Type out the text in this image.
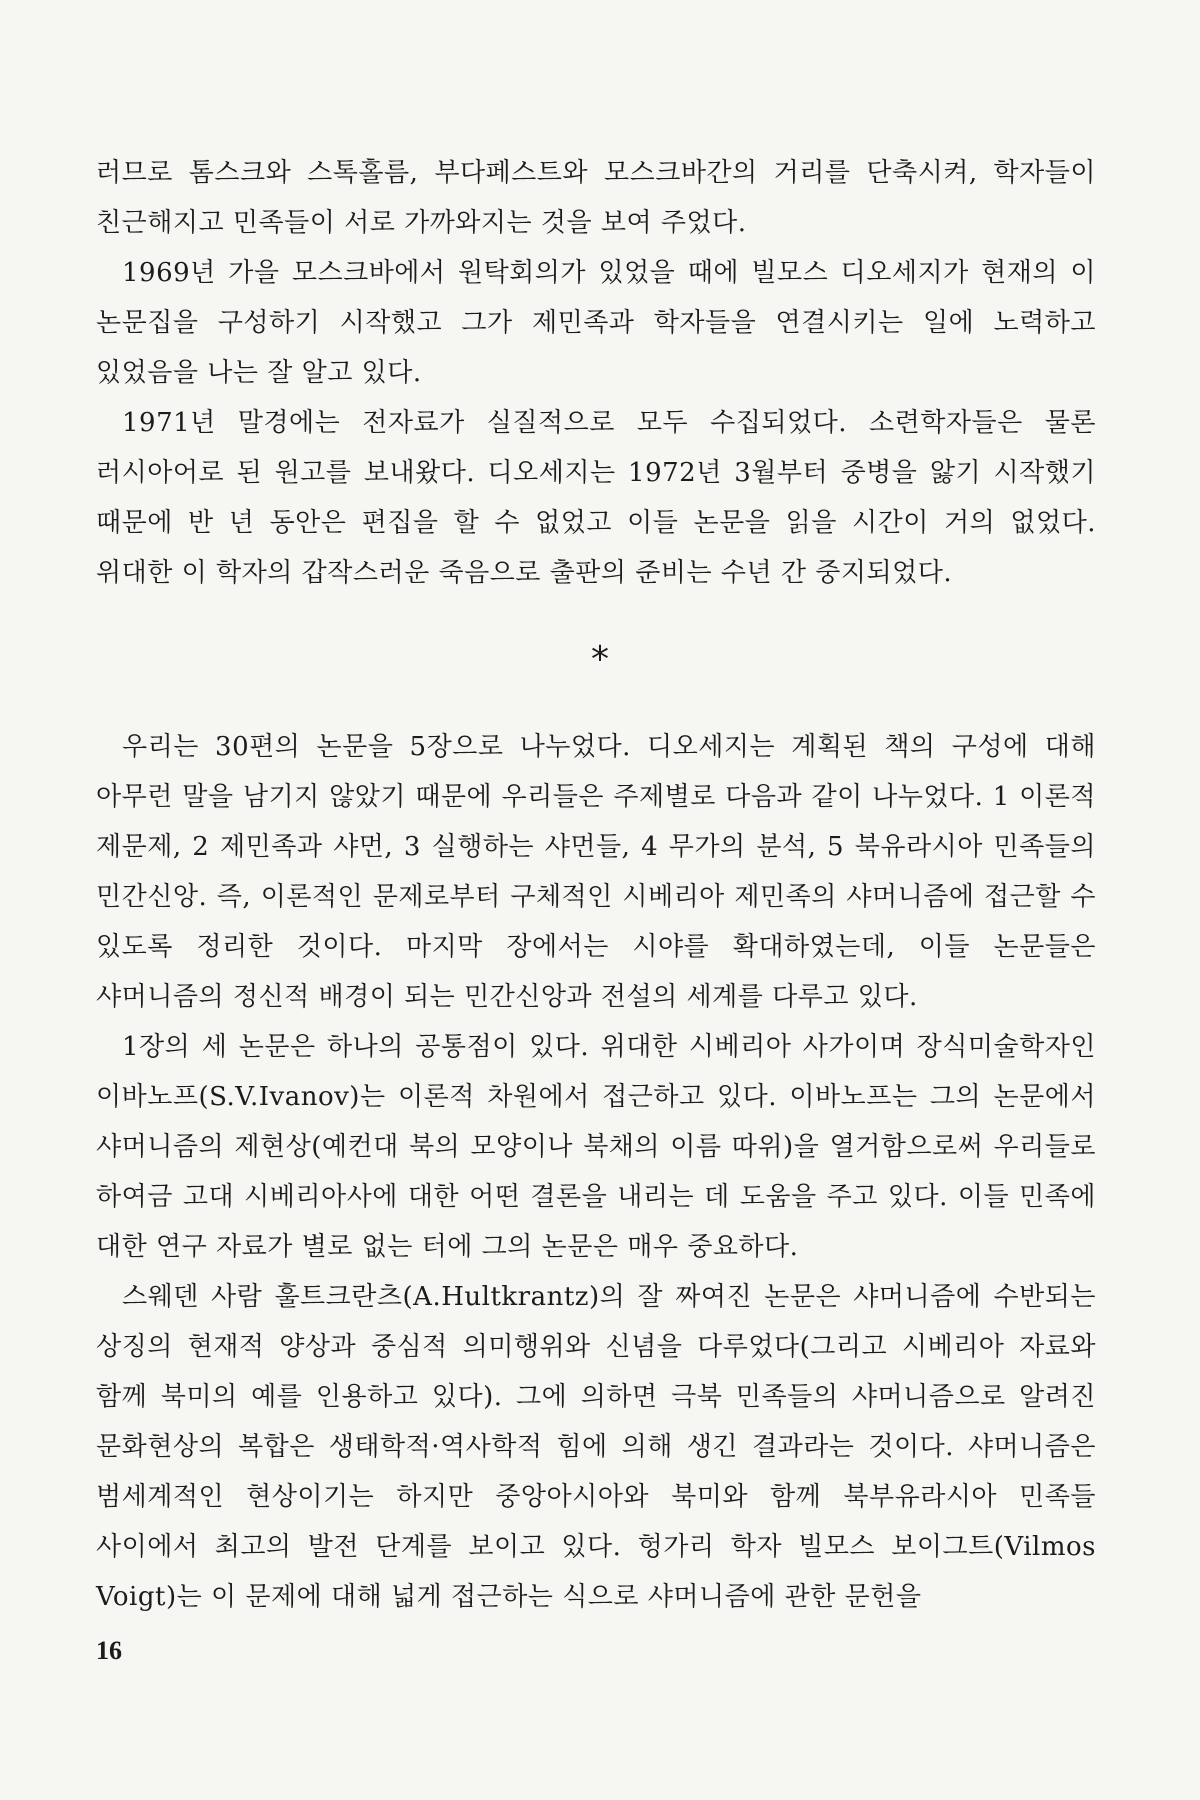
러므로 톰스크와 스톡홀름, 부다페스트와 모스크바간의 거리를 단축시켜, 학자들이 친근해지고 민족들이 서로 가까와지는 것을 보여 주었다.

1969년 가을 모스크바에서 원탁회의가 있었을 때에 빌모스 디오세지가 현재의 이 논문집을 구성하기 시작했고 그가 제민족과 학자들을 연결시키는 일에 노력하고 있었음을 나는 잘 알고 있다.

1971년 말경에는 전자료가 실질적으로 모두 수집되었다. 소련학자들은 물론 러시아어로 된 원고를 보내왔다. 디오세지는 1972년 3월부터 중병을 앓기 시작했기 때문에 반 년 동안은 편집을 할 수 없었고 이들 논문을 읽을 시간이 거의 없었다. 위대한 이 학자의 갑작스러운 죽음으로 출판의 준비는 수년 간 중지되었다.

*

우리는 30편의 논문을 5장으로 나누었다. 디오세지는 계획된 책의 구성에 대해 아무런 말을 남기지 않았기 때문에 우리들은 주제별로 다음과 같이 나누었다. 1 이론적 제문제, 2 제민족과 샤먼, 3 실행하는 샤먼들, 4 무가의 분석, 5 북유라시아 민족들의 민간신앙. 즉, 이론적인 문제로부터 구체적인 시베리아 제민족의 샤머니즘에 접근할 수 있도록 정리한 것이다. 마지막 장에서는 시야를 확대하였는데, 이들 논문들은 샤머니즘의 정신적 배경이 되는 민간신앙과 전설의 세계를 다루고 있다.

1장의 세 논문은 하나의 공통점이 있다. 위대한 시베리아 사가이며 장식미술학자인 이바노프(S.V.Ivanov)는 이론적 차원에서 접근하고 있다. 이바노프는 그의 논문에서 샤머니즘의 제현상(예컨대 북의 모양이나 북채의 이름 따위)을 열거함으로써 우리들로 하여금 고대 시베리아사에 대한 어떤 결론을 내리는 데 도움을 주고 있다. 이들 민족에 대한 연구 자료가 별로 없는 터에 그의 논문은 매우 중요하다.

스웨덴 사람 훌트크란츠(A.Hultkrantz)의 잘 짜여진 논문은 샤머니즘에 수반되는 상징의 현재적 양상과 중심적 의미행위와 신념을 다루었다(그리고 시베리아 자료와 함께 북미의 예를 인용하고 있다). 그에 의하면 극북 민족들의 샤머니즘으로 알려진 문화현상의 복합은 생태학적·역사학적 힘에 의해 생긴 결과라는 것이다. 샤머니즘은 범세계적인 현상이기는 하지만 중앙아시아와 북미와 함께 북부유라시아 민족들 사이에서 최고의 발전 단계를 보이고 있다. 헝가리 학자 빌모스 보이그트(Vilmos Voigt)는 이 문제에 대해 넓게 접근하는 식으로 샤머니즘에 관한 문헌을

16
